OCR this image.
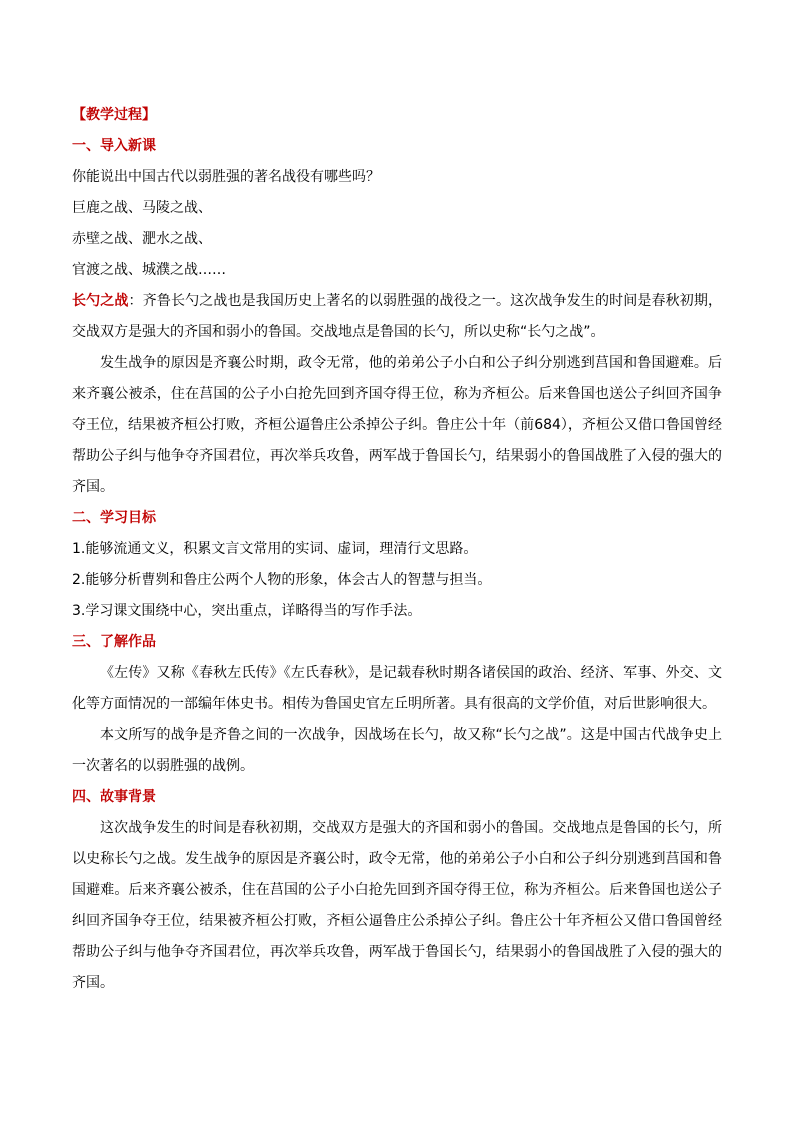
【教学过程】

一、导入新课

你能说出中国古代以弱胜强的著名战役有哪些吗？

巨鹿之战、马陵之战、

赤壁之战、淝水之战、

官渡之战、城濮之战……

长勺之战：齐鲁长勺之战也是我国历史上著名的以弱胜强的战役之一。这次战争发生的时间是春秋初期，交战双方是强大的齐国和弱小的鲁国。交战地点是鲁国的长勺，所以史称“长勺之战”。

发生战争的原因是齐襄公时期，政令无常，他的弟弟公子小白和公子纠分别逃到莒国和鲁国避难。后来齐襄公被杀，住在莒国的公子小白抢先回到齐国夺得王位，称为齐桓公。后来鲁国也送公子纠回齐国争夺王位，结果被齐桓公打败，齐桓公逼鲁庄公杀掉公子纠。鲁庄公十年（前684），齐桓公又借口鲁国曾经帮助公子纠与他争夺齐国君位，再次举兵攻鲁，两军战于鲁国长勺，结果弱小的鲁国战胜了入侵的强大的齐国。

二、学习目标

1.能够流通文义，积累文言文常用的实词、虚词，理清行文思路。

2.能够分析曹刿和鲁庄公两个人物的形象，体会古人的智慧与担当。

3.学习课文围绕中心，突出重点，详略得当的写作手法。

三、了解作品

《左传》又称《春秋左氏传》《左氏春秋》，是记载春秋时期各诸侯国的政治、经济、军事、外交、文化等方面情况的一部编年体史书。相传为鲁国史官左丘明所著。具有很高的文学价值，对后世影响很大。

本文所写的战争是齐鲁之间的一次战争，因战场在长勺，故又称“长勺之战”。这是中国古代战争史上一次著名的以弱胜强的战例。

四、故事背景

这次战争发生的时间是春秋初期，交战双方是强大的齐国和弱小的鲁国。交战地点是鲁国的长勺，所以史称长勺之战。发生战争的原因是齐襄公时，政令无常，他的弟弟公子小白和公子纠分别逃到莒国和鲁国避难。后来齐襄公被杀，住在莒国的公子小白抢先回到齐国夺得王位，称为齐桓公。后来鲁国也送公子纠回齐国争夺王位，结果被齐桓公打败，齐桓公逼鲁庄公杀掉公子纠。鲁庄公十年齐桓公又借口鲁国曾经帮助公子纠与他争夺齐国君位，再次举兵攻鲁，两军战于鲁国长勺，结果弱小的鲁国战胜了入侵的强大的齐国。
